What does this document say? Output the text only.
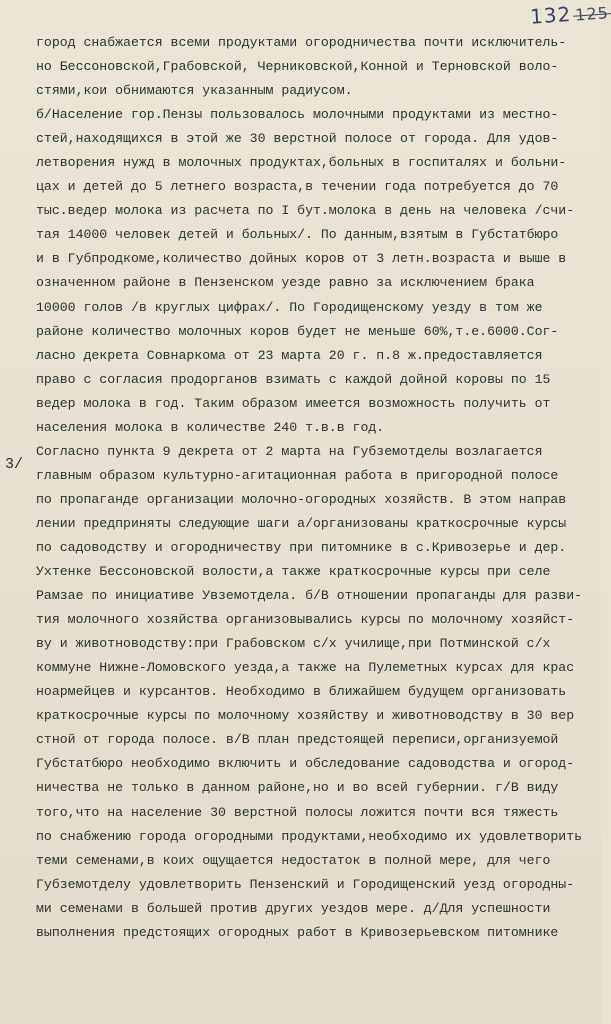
132 125
3/
город снабжается всеми продуктами огородничества почти исключитель-
но Бессоновской,Грабовской, Черниковской,Конной и Терновской воло-
стями,кои обнимаются указанным радиусом.
б/Население гор.Пензы пользовалось молочными продуктами из местно-
стей,находящихся в этой же 30 верстной полосе от города. Для удов-
летворения нужд в молочных продуктах,больных в госпиталях и больни-
цах и детей до 5 летнего возраста,в течении года потребуется до 70
тыс.ведер молока из расчета по I бут.молока в день на человека /счи-
тая 14000 человек детей и больных/. По данным,взятым в Губстатбюро
и в Губпродкоме,количество дойных коров от 3 летн.возраста и выше в
означенном районе в Пензенском уезде равно за исключением брака
10000 голов /в круглых цифрах/. По Городищенскому уезду в том же
районе количество молочных коров будет не меньше 60%,т.е.6000.Сог-
ласно декрета Совнаркома от 23 марта 20 г. п.8 ж.предоставляется
право с согласия продорганов взимать с каждой дойной коровы по 15
ведер молока в год. Таким образом имеется возможность получить от
населения молока в количестве 240 т.в.в год.
Согласно пункта 9 декрета от 2 марта на Губземотделы возлагается
главным образом культурно-агитационная работа в пригородной полосе
по пропаганде организации молочно-огородных хозяйств. В этом направ
лении предприняты следующие шаги а/организованы краткосрочные курсы
по садоводству и огородничеству при питомнике в с.Кривозерье и дер.
Ухтенке Бессоновской волости,а также краткосрочные курсы при селе
Рамзае по инициативе Увземотдела. б/В отношении пропаганды для разви-
тия молочного хозяйства организовывались курсы по молочному хозяйст-
ву и животноводству:при Грабовском с/х училище,при Потминской с/х
коммуне Нижне-Ломовского уезда,а также на Пулеметных курсах для крас
ноармейцев и курсантов. Необходимо в ближайшем будущем организовать
краткосрочные курсы по молочному хозяйству и животноводству в 30 вер
стной от города полосе. в/В план предстоящей переписи,организуемой
Губстатбюро необходимо включить и обследование садоводства и огород-
ничества не только в данном районе,но и во всей губернии. г/В виду
того,что на население 30 верстной полосы ложится почти вся тяжесть
по снабжению города огородными продуктами,необходимо их удовлетворить
теми семенами,в коих ощущается недостаток в полной мере, для чего
Губземотделу удовлетворить Пензенский и Городищенский уезд огородны-
ми семенами в большей против других уездов мере. д/Для успешности
выполнения предстоящих огородных работ в Кривозерьевском питомнике
